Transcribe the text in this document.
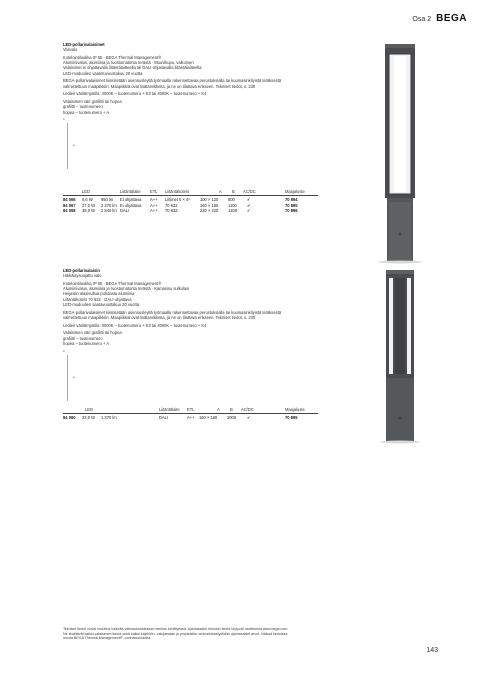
Osa 2 BEGA

LED-pollarivalaisimet
Vasvalo

Kotelointiluokka IP 65 · BEGA Thermal Management®
Alumiinivalus, alumiinia ja ruostumatonta terästä · Muovikupu, valkoinen
Valaisimet ei ohjattavalla liitäntälaitteella tai DALI-ohjattavalla liitäntälaitteella
LED-moduulien vaatetuvuustakuu 20 vuotta

BEGA-pollarivalaisimet kiinnitetään asennusleyllä työmaalla rakennettavaa perustuksialla tai kuumasinkityistä teräksestä valmistettuun maapiikkiin. Maapiikkiä ovat lisätarvikkeita, ja ne on tilattava erikseen. Tekniset tiedot, s. 230

Ledien värilämpötila: 3000K – tuotenumero + K3 tai 4000K – tuotenumero + K4

Valaisimen väri grafiitti tai hopea
grafiitti – tuotenumero
hopea – tuotenumero + A

b
a
LED	Liitäntälaite ETL Liitäntäkotelo	A	B AC/DC	Maajaluste
84 066 9,6 W 950 lm Ei ohjattava A++ Liitimet 5 × 4²	100 × 120 800	✔	70 894
84 067 27,0 W 2 370 lm Ei ohjattava A++ 70 632	160 × 160 1100 ✔	70 895
84 068 38,0 W 2 840 lm DALI	A++ 70 632	220 × 220 1200 ✔	70 896

LED-pollarivalaisin
Häikäisysuojattu valo

Kotelointiluokka IP 65 · BEGA Thermal Management®
Alumiinivalus, alumiinia ja ruostumatonta terästä · Kamasisu sulkulasi
Heijastin alasivultua puhdasta alumiinia
Liitäntäkotelo 70 632 · DALI-ohjattava
LED-moduulien saatavuustakuu 20 vuotta

BEGA-pollarivalaisimet kiinnitetään asennusleyllä työmaalla rakennettavaa perustuksialla tai kuumasinkityistä teräksestä valmistettuun maapiikkiin. Maapiikkiä ovat lisätarvikkeita, ja ne on tilattava erikseen. Tekniset tiedot, s. 230

Ledien värilämpötila: 3000K – tuotenumero + K3 tai 4000K – tuotenumero + K4

Valaisimen väri grafiitti tai hopea
grafiitti – tuotenumero
hopea – tuotenumero + A

b
a
LED	Liitäntälaite ETL	A	B AC/DC	Maajaluste
84 060 23,0 W 1 370 lm	DALI	A++ 160 × 160 1000	✔	70 895
Tekniset tiedot voivat muuttua kaikelta valmassaoloilaisia heinilan kehittyessä. Ajantasaiset tekniset tiedot löytyvät osoitteesta www.bega.com. Ne sisältävät kaikki valaisimen tiedot sekä kaikki käyttöön- valojamaan ja ympäristön ominaistoastyöilään ajantasaiset arvot. Näissä tiedoissa muuta BEGA Thermal Management® -ominaisuuksista.
143
